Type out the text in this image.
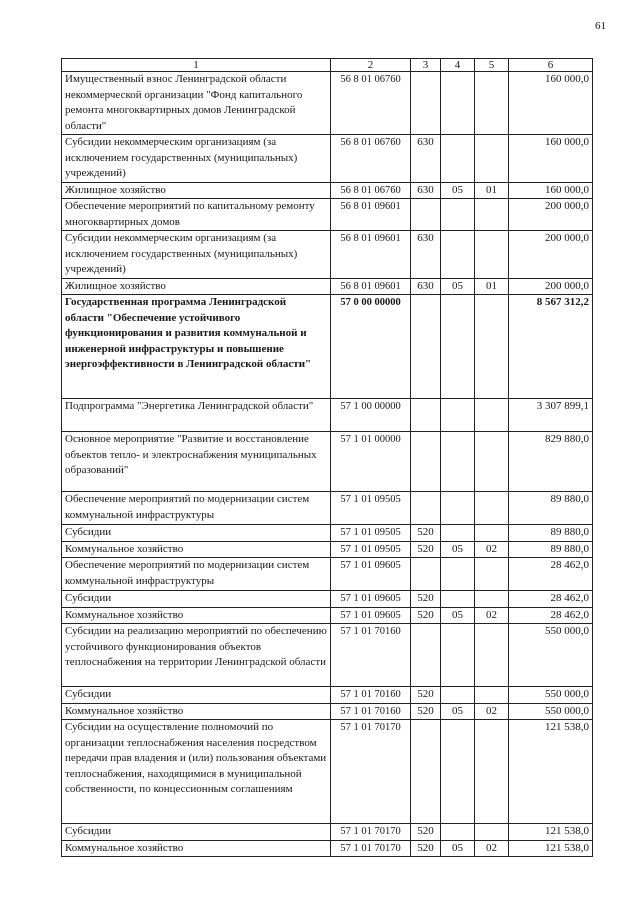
61
1	2	3	4	5	6
Имущественный взнос Ленинградской области некоммерческой организации "Фонд капитального ремонта многоквартирных домов Ленинградской области"	56 8 01 06760				160 000,0
Субсидии некоммерческим организациям (за исключением государственных (муниципальных) учреждений)	56 8 01 06760	630			160 000,0
Жилищное хозяйство	56 8 01 06760	630	05	01	160 000,0
Обеспечение мероприятий по капитальному ремонту многоквартирных домов	56 8 01 09601				200 000,0
Субсидии некоммерческим организациям (за исключением государственных (муниципальных) учреждений)	56 8 01 09601	630			200 000,0
Жилищное хозяйство	56 8 01 09601	630	05	01	200 000,0
Государственная программа Ленинградской области "Обеспечение устойчивого функционирования и развития коммунальной и инженерной инфраструктуры и повышение энергоэффективности в Ленинградской области"	57 0 00 00000				8 567 312,2
Подпрограмма "Энергетика Ленинградской области"	57 1 00 00000				3 307 899,1
Основное мероприятие "Развитие и восстановление объектов тепло- и электроснабжения муниципальных образований"	57 1 01 00000				829 880,0
Обеспечение мероприятий по модернизации систем коммунальной инфраструктуры	57 1 01 09505				89 880,0
Субсидии	57 1 01 09505	520			89 880,0
Коммунальное хозяйство	57 1 01 09505	520	05	02	89 880,0
Обеспечение мероприятий по модернизации систем коммунальной инфраструктуры	57 1 01 09605				28 462,0
Субсидии	57 1 01 09605	520			28 462,0
Коммунальное хозяйство	57 1 01 09605	520	05	02	28 462,0
Субсидии на реализацию мероприятий по обеспечению устойчивого функционирования объектов теплоснабжения на территории Ленинградской области	57 1 01 70160				550 000,0
Субсидии	57 1 01 70160	520			550 000,0
Коммунальное хозяйство	57 1 01 70160	520	05	02	550 000,0
Субсидии на осуществление полномочий по организации теплоснабжения населения посредством передачи прав владения и (или) пользования объектами теплоснабжения, находящимися в муниципальной собственности, по концессионным соглашениям	57 1 01 70170				121 538,0
Субсидии	57 1 01 70170	520			121 538,0
Коммунальное хозяйство	57 1 01 70170	520	05	02	121 538,0
